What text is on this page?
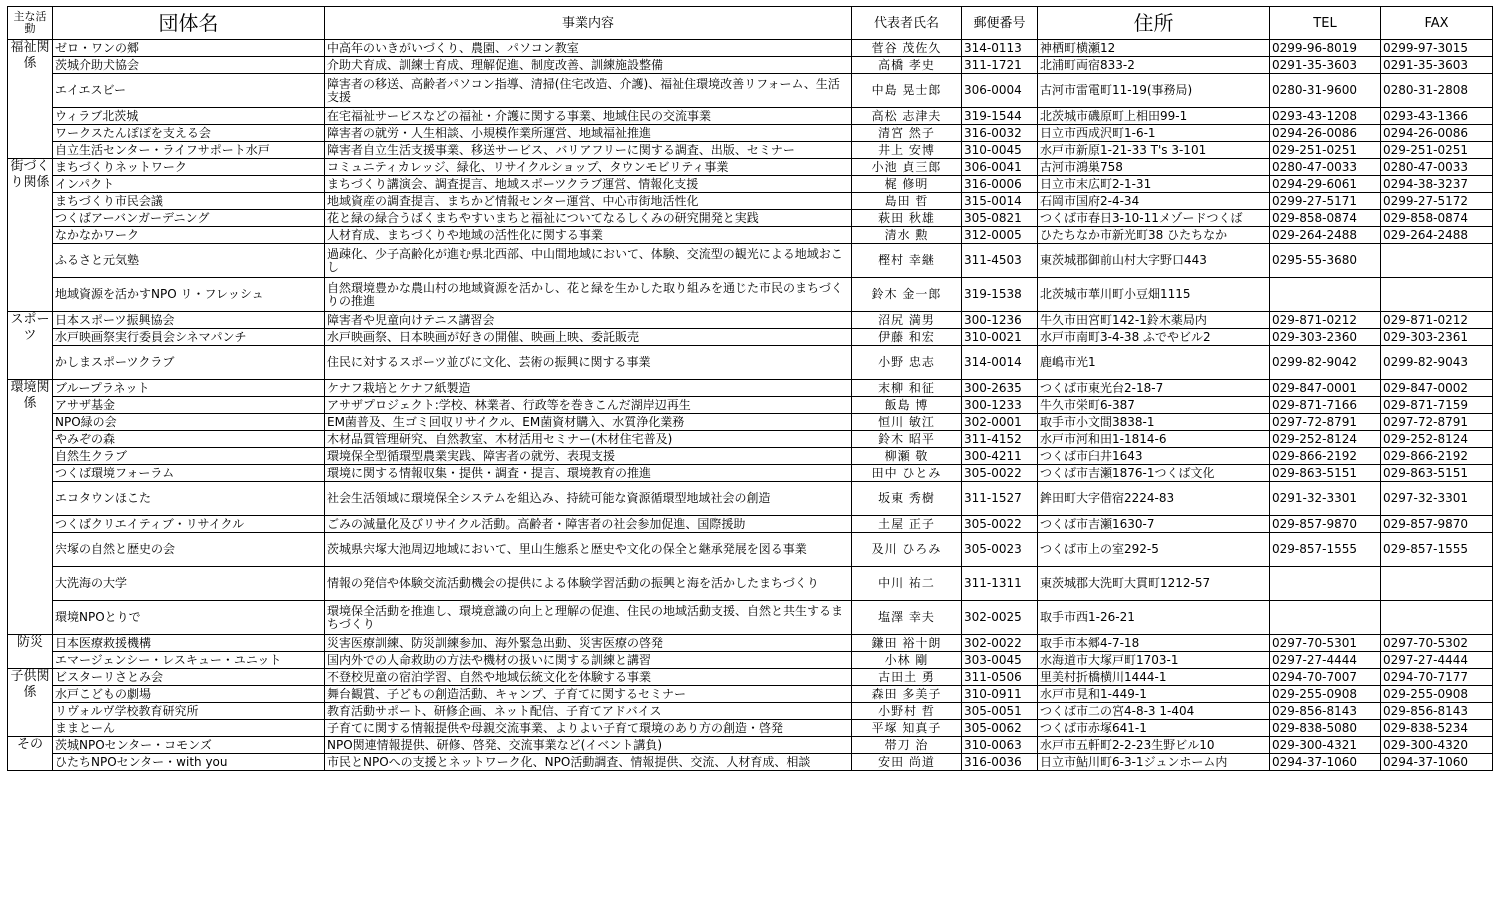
主な活動	団体名	事業内容	代表者氏名	郵便番号	住所	TEL	FAX
福祉関係	ゼロ・ワンの郷	中高年のいきがいづくり、農園、パソコン教室	菅谷 茂佐久	314-0113	神栖町横瀬12	0299-96-8019	0299-97-3015
	茨城介助犬協会	介助犬育成、訓練士育成、理解促進、制度改善、訓練施設整備	高橋 孝史	311-1721	北浦町両宿833-2	0291-35-3603	0291-35-3603
	エイエスビー	障害者の移送、高齢者パソコン指導、清掃(住宅改造、介護)、福祉住環境改善リフォーム、生活支援	中島 晃士郎	306-0004	古河市雷電町11-19(事務局)	0280-31-9600	0280-31-2808
	ウィラブ北茨城	在宅福祉サービスなどの福祉・介護に関する事業、地域住民の交流事業	高松 志津夫	319-1544	北茨城市磯原町上相田99-1	0293-43-1208	0293-43-1366
	ワークスたんぽぽを支える会	障害者の就労・人生相談、小規模作業所運営、地域福祉推進	清宮 然子	316-0032	日立市西成沢町1-6-1	0294-26-0086	0294-26-0086
	自立生活センター・ライフサポート水戸	障害者自立生活支援事業、移送サービス、バリアフリーに関する調査、出版、セミナー	井上 安博	310-0045	水戸市新原1-21-33 T's 3-101	029-251-0251	029-251-0251
街づくり関係	まちづくりネットワーク	コミュニティカレッジ、緑化、リサイクルショップ、タウンモビリティ事業	小池 貞三郎	306-0041	古河市鴻巣758	0280-47-0033	0280-47-0033
	インパクト	まちづくり講演会、調査提言、地域スポーツクラブ運営、情報化支援	梶 修明	316-0006	日立市末広町2-1-31	0294-29-6061	0294-38-3237
	まちづくり市民会議	地域資産の調査提言、まちかど情報センター運営、中心市街地活性化	島田 哲	315-0014	石岡市国府2-4-34	0299-27-5171	0299-27-5172
	つくばアーバンガーデニング	花と緑の緑合うばくまちやすいまちと福祉についてなるしくみの研究開発と実践	萩田 秋雄	305-0821	つくば市春日3-10-11メゾードつくば	029-858-0874	029-858-0874
	なかなかワーク	人材育成、まちづくりや地域の活性化に関する事業	清水 勲	312-0005	ひたちなか市新光町38 ひたちなか	029-264-2488	029-264-2488
	ふるさと元気塾	過疎化、少子高齢化が進む県北西部、中山間地域において、体験、交流型の観光による地域おこし	樫村 幸継	311-4503	東茨城郡御前山村大字野口443	0295-55-3680	
	地域資源を活かすNPO リ・フレッシュ	自然環境豊かな農山村の地域資源を活かし、花と緑を生かした取り組みを通じた市民のまちづくりの推進	鈴木 金一郎	319-1538	北茨城市華川町小豆畑1115		
スポーツ	日本スポーツ振興協会	障害者や児童向けテニス講習会	沼尻 満男	300-1236	牛久市田宮町142-1鈴木薬局内	029-871-0212	029-871-0212
	水戸映画祭実行委員会シネマパンチ	水戸映画祭、日本映画が好きの開催、映画上映、委託販売	伊藤 和宏	310-0021	水戸市南町3-4-38 ふでやビル2	029-303-2360	029-303-2361
	かしまスポーツクラブ	住民に対するスポーツ並びに文化、芸術の振興に関する事業	小野 忠志	314-0014	鹿嶋市光1	0299-82-9042	0299-82-9043
環境関係	ブループラネット	ケナフ栽培とケナフ紙製造	末柳 和征	300-2635	つくば市東光台2-18-7	029-847-0001	029-847-0002
	アサザ基金	アサザプロジェクト:学校、林業者、行政等を巻きこんだ湖岸辺再生	飯島 博	300-1233	牛久市栄町6-387	029-871-7166	029-871-7159
	NPO緑の会	EM菌普及、生ゴミ回収リサイクル、EM菌資材購入、水質浄化業務	恒川 敏江	302-0001	取手市小文間3838-1	0297-72-8791	0297-72-8791
	やみぞの森	木材品質管理研究、自然教室、木材活用セミナー(木材住宅普及)	鈴木 昭平	311-4152	水戸市河和田1-1814-6	029-252-8124	029-252-8124
	自然生クラブ	環境保全型循環型農業実践、障害者の就労、表現支援	柳瀬 敬	300-4211	つくば市臼井1643	029-866-2192	029-866-2192
	つくば環境フォーラム	環境に関する情報収集・提供・調査・提言、環境教育の推進	田中 ひとみ	305-0022	つくば市吉瀬1876-1つくば文化	029-863-5151	029-863-5151
	エコタウンほこた	社会生活領域に環境保全システムを組込み、持続可能な資源循環型地域社会の創造	坂東 秀樹	311-1527	鉾田町大字借宿2224-83	0291-32-3301	0297-32-3301
	つくばクリエイティブ・リサイクル	ごみの減量化及びリサイクル活動。高齢者・障害者の社会参加促進、国際援助	土屋 正子	305-0022	つくば市吉瀬1630-7	029-857-9870	029-857-9870
	宍塚の自然と歴史の会	茨城県宍塚大池周辺地域において、里山生態系と歴史や文化の保全と継承発展を図る事業	及川 ひろみ	305-0023	つくば市上の室292-5	029-857-1555	029-857-1555
	大洗海の大学	情報の発信や体験交流活動機会の提供による体験学習活動の振興と海を活かしたまちづくり	中川 祐二	311-1311	東茨城郡大洗町大貫町1212-57		
	環境NPOとりで	環境保全活動を推進し、環境意識の向上と理解の促進、住民の地域活動支援、自然と共生するまちづくり	塩澤 幸夫	302-0025	取手市西1-26-21		
防災	日本医療救援機構	災害医療訓練、防災訓練参加、海外緊急出動、災害医療の啓発	鎌田 裕十朗	302-0022	取手市本郷4-7-18	0297-70-5301	0297-70-5302
	エマージェンシー・レスキュー・ユニット	国内外での人命救助の方法や機材の扱いに関する訓練と講習	小林 剛	303-0045	水海道市大塚戸町1703-1	0297-27-4444	0297-27-4444
子供関係	ビスターリさとみ会	不登校児童の宿泊学習、自然や地域伝統文化を体験する事業	古田土 勇	311-0506	里美村折橋横川1444-1	0294-70-7007	0294-70-7177
	水戸こどもの劇場	舞台観賞、子どもの創造活動、キャンプ、子育てに関するセミナー	森田 多美子	310-0911	水戸市見和1-449-1	029-255-0908	029-255-0908
	リヴォルヴ学校教育研究所	教育活動サポート、研修企画、ネット配信、子育てアドバイス	小野村 哲	305-0051	つくば市二の宮4-8-3 1-404	029-856-8143	029-856-8143
	ままとーん	子育てに関する情報提供や母親交流事業、よりよい子育て環境のあり方の創造・啓発	平塚 知真子	305-0062	つくば市赤塚641-1	029-838-5080	029-838-5234
その	茨城NPOセンター・コモンズ	NPO関連情報提供、研修、啓発、交流事業など(イベント講負)	帯刀 治	310-0063	水戸市五軒町2-2-23生野ビル10	029-300-4321	029-300-4320
	ひたちNPOセンター・with you	市民とNPOへの支援とネットワーク化、NPO活動調査、情報提供、交流、人材育成、相談	安田 尚道	316-0036	日立市鮎川町6-3-1ジュンホーム内	0294-37-1060	0294-37-1060
